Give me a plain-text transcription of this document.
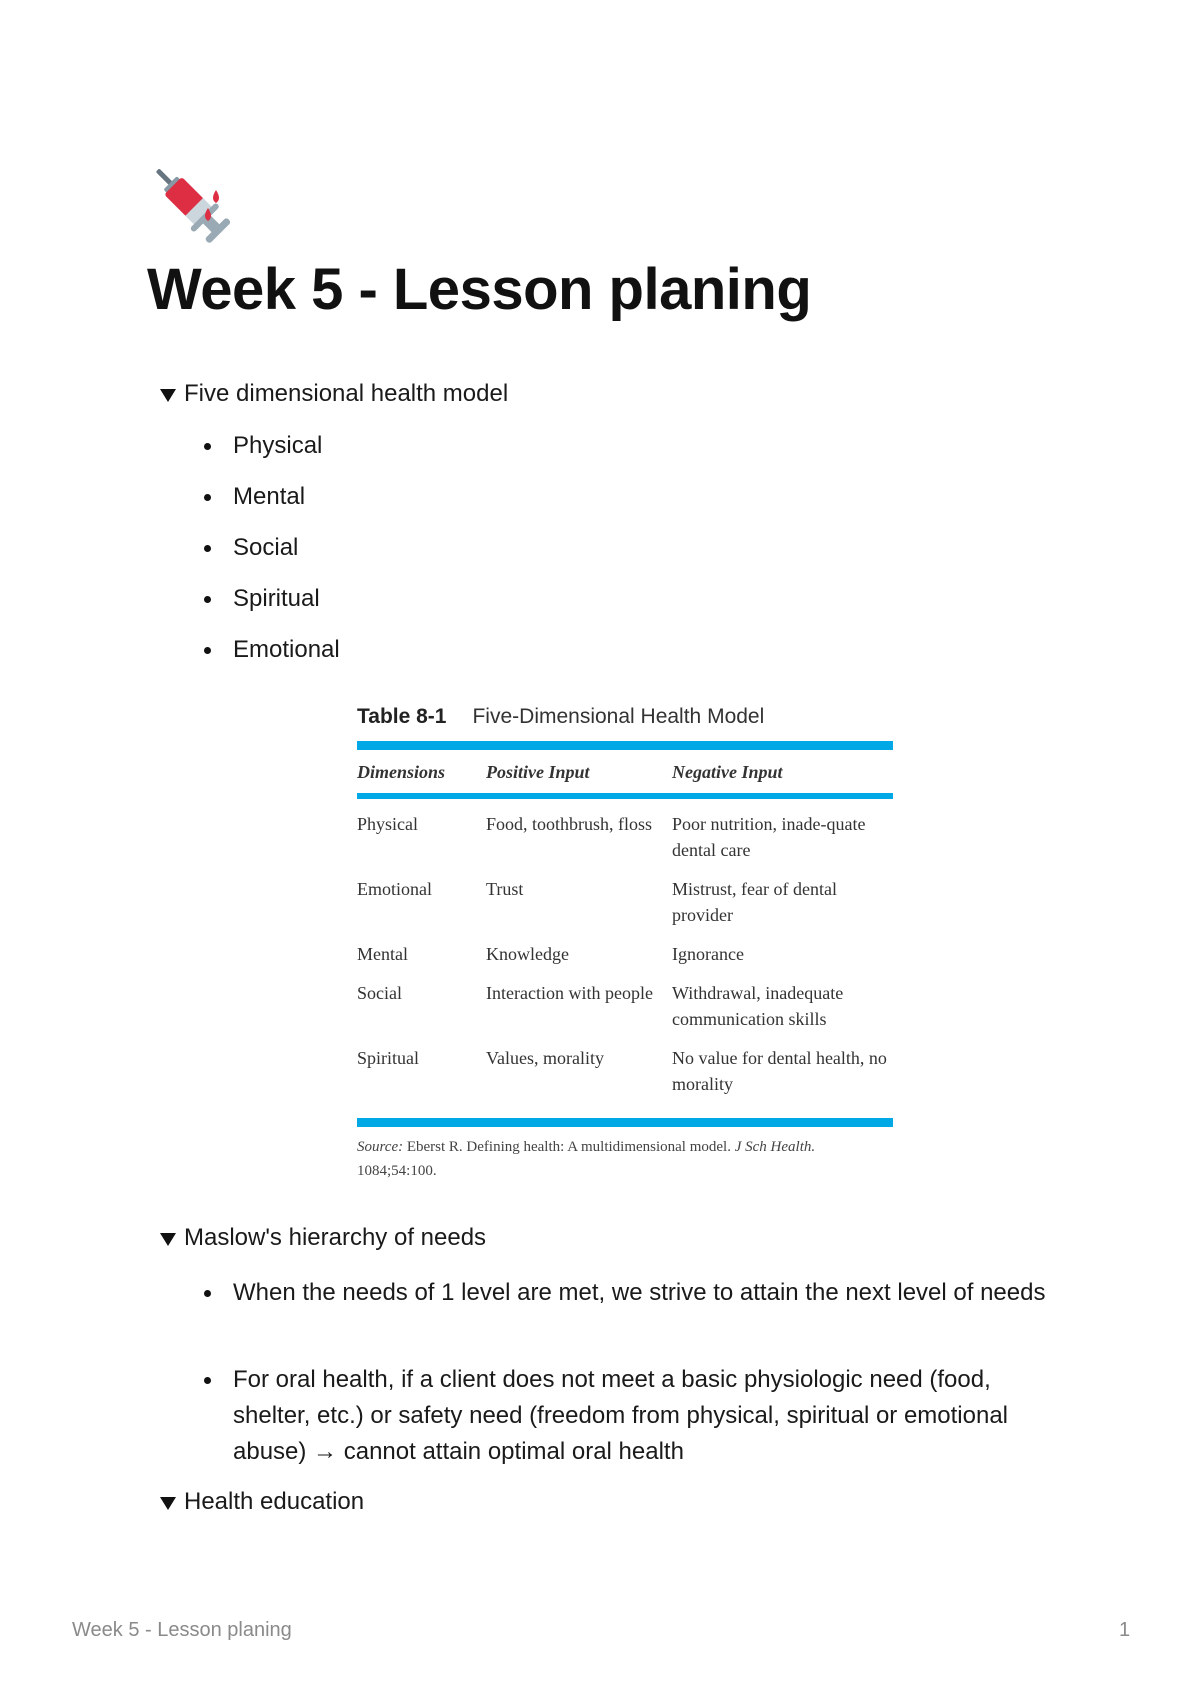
Week 5 - Lesson planing
Five dimensional health model
Physical
Mental
Social
Spiritual
Emotional
Table 8-1 Five-Dimensional Health Model
Dimensions	Positive Input	Negative Input
Physical	Food, toothbrush, floss	Poor nutrition, inade-quate dental care
Emotional	Trust	Mistrust, fear of dental provider
Mental	Knowledge	Ignorance
Social	Interaction with people	Withdrawal, inadequate communication skills
Spiritual	Values, morality	No value for dental health, no morality
Source: Eberst R. Defining health: A multidimensional model. J Sch Health. 1084;54:100.
Maslow's hierarchy of needs
When the needs of 1 level are met, we strive to attain the next level of needs
For oral health, if a client does not meet a basic physiologic need (food, shelter, etc.) or safety need (freedom from physical, spiritual or emotional abuse) → cannot attain optimal oral health
Health education
Week 5 - Lesson planing	1
